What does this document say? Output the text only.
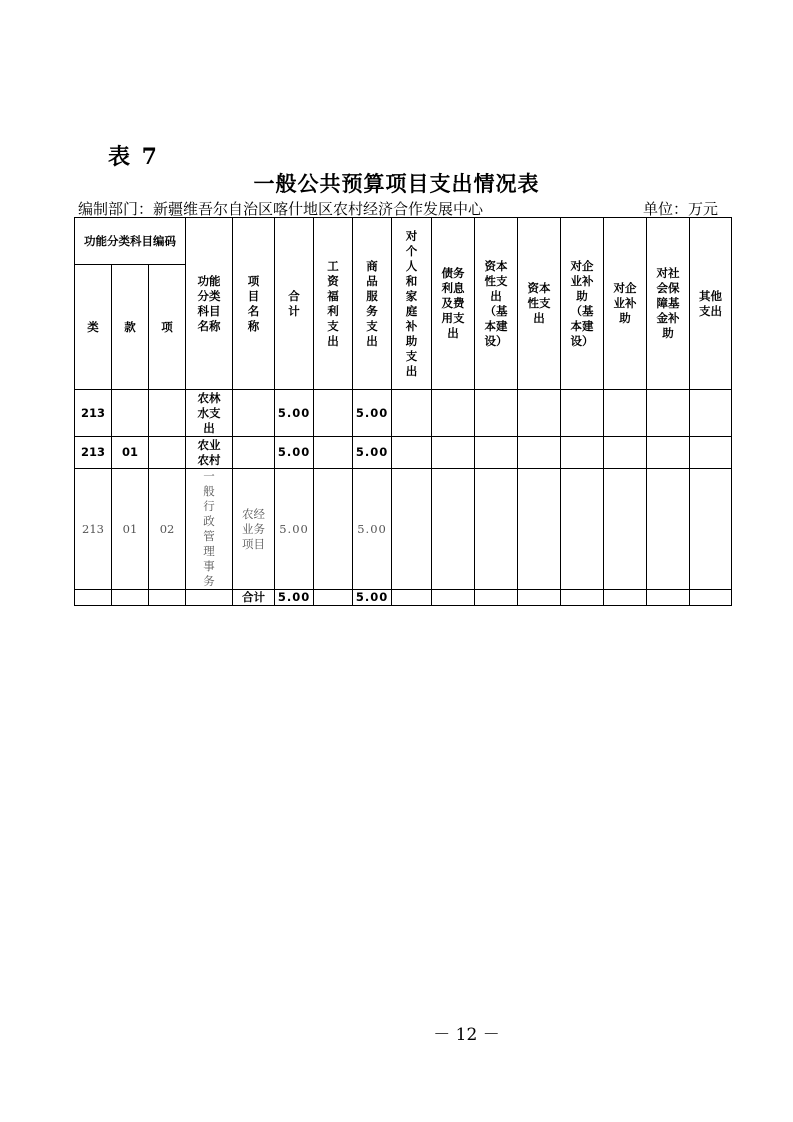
表 7
一般公共预算项目支出情况表
编制部门：新疆维吾尔自治区喀什地区农村经济合作发展中心	单位：万元
功能分类科目编码			功能分类科目名称	项目名称	合计	工资福利支出	商品服务支出	对个人和家庭补助支出	债务利息及费用支出	资本性支出（基本建设）	资本性支出	对企业补助（基本建设）	对企业补助	对社会保障基金补助	其他支出
类	款	项													
213			农林水支出		5.00		5.00								
213	01		农业农村		5.00		5.00								
213	01	02	一般行政管理事务	农经业务项目	5.00		5.00								
				合计	5.00		5.00								
－ 12 －
